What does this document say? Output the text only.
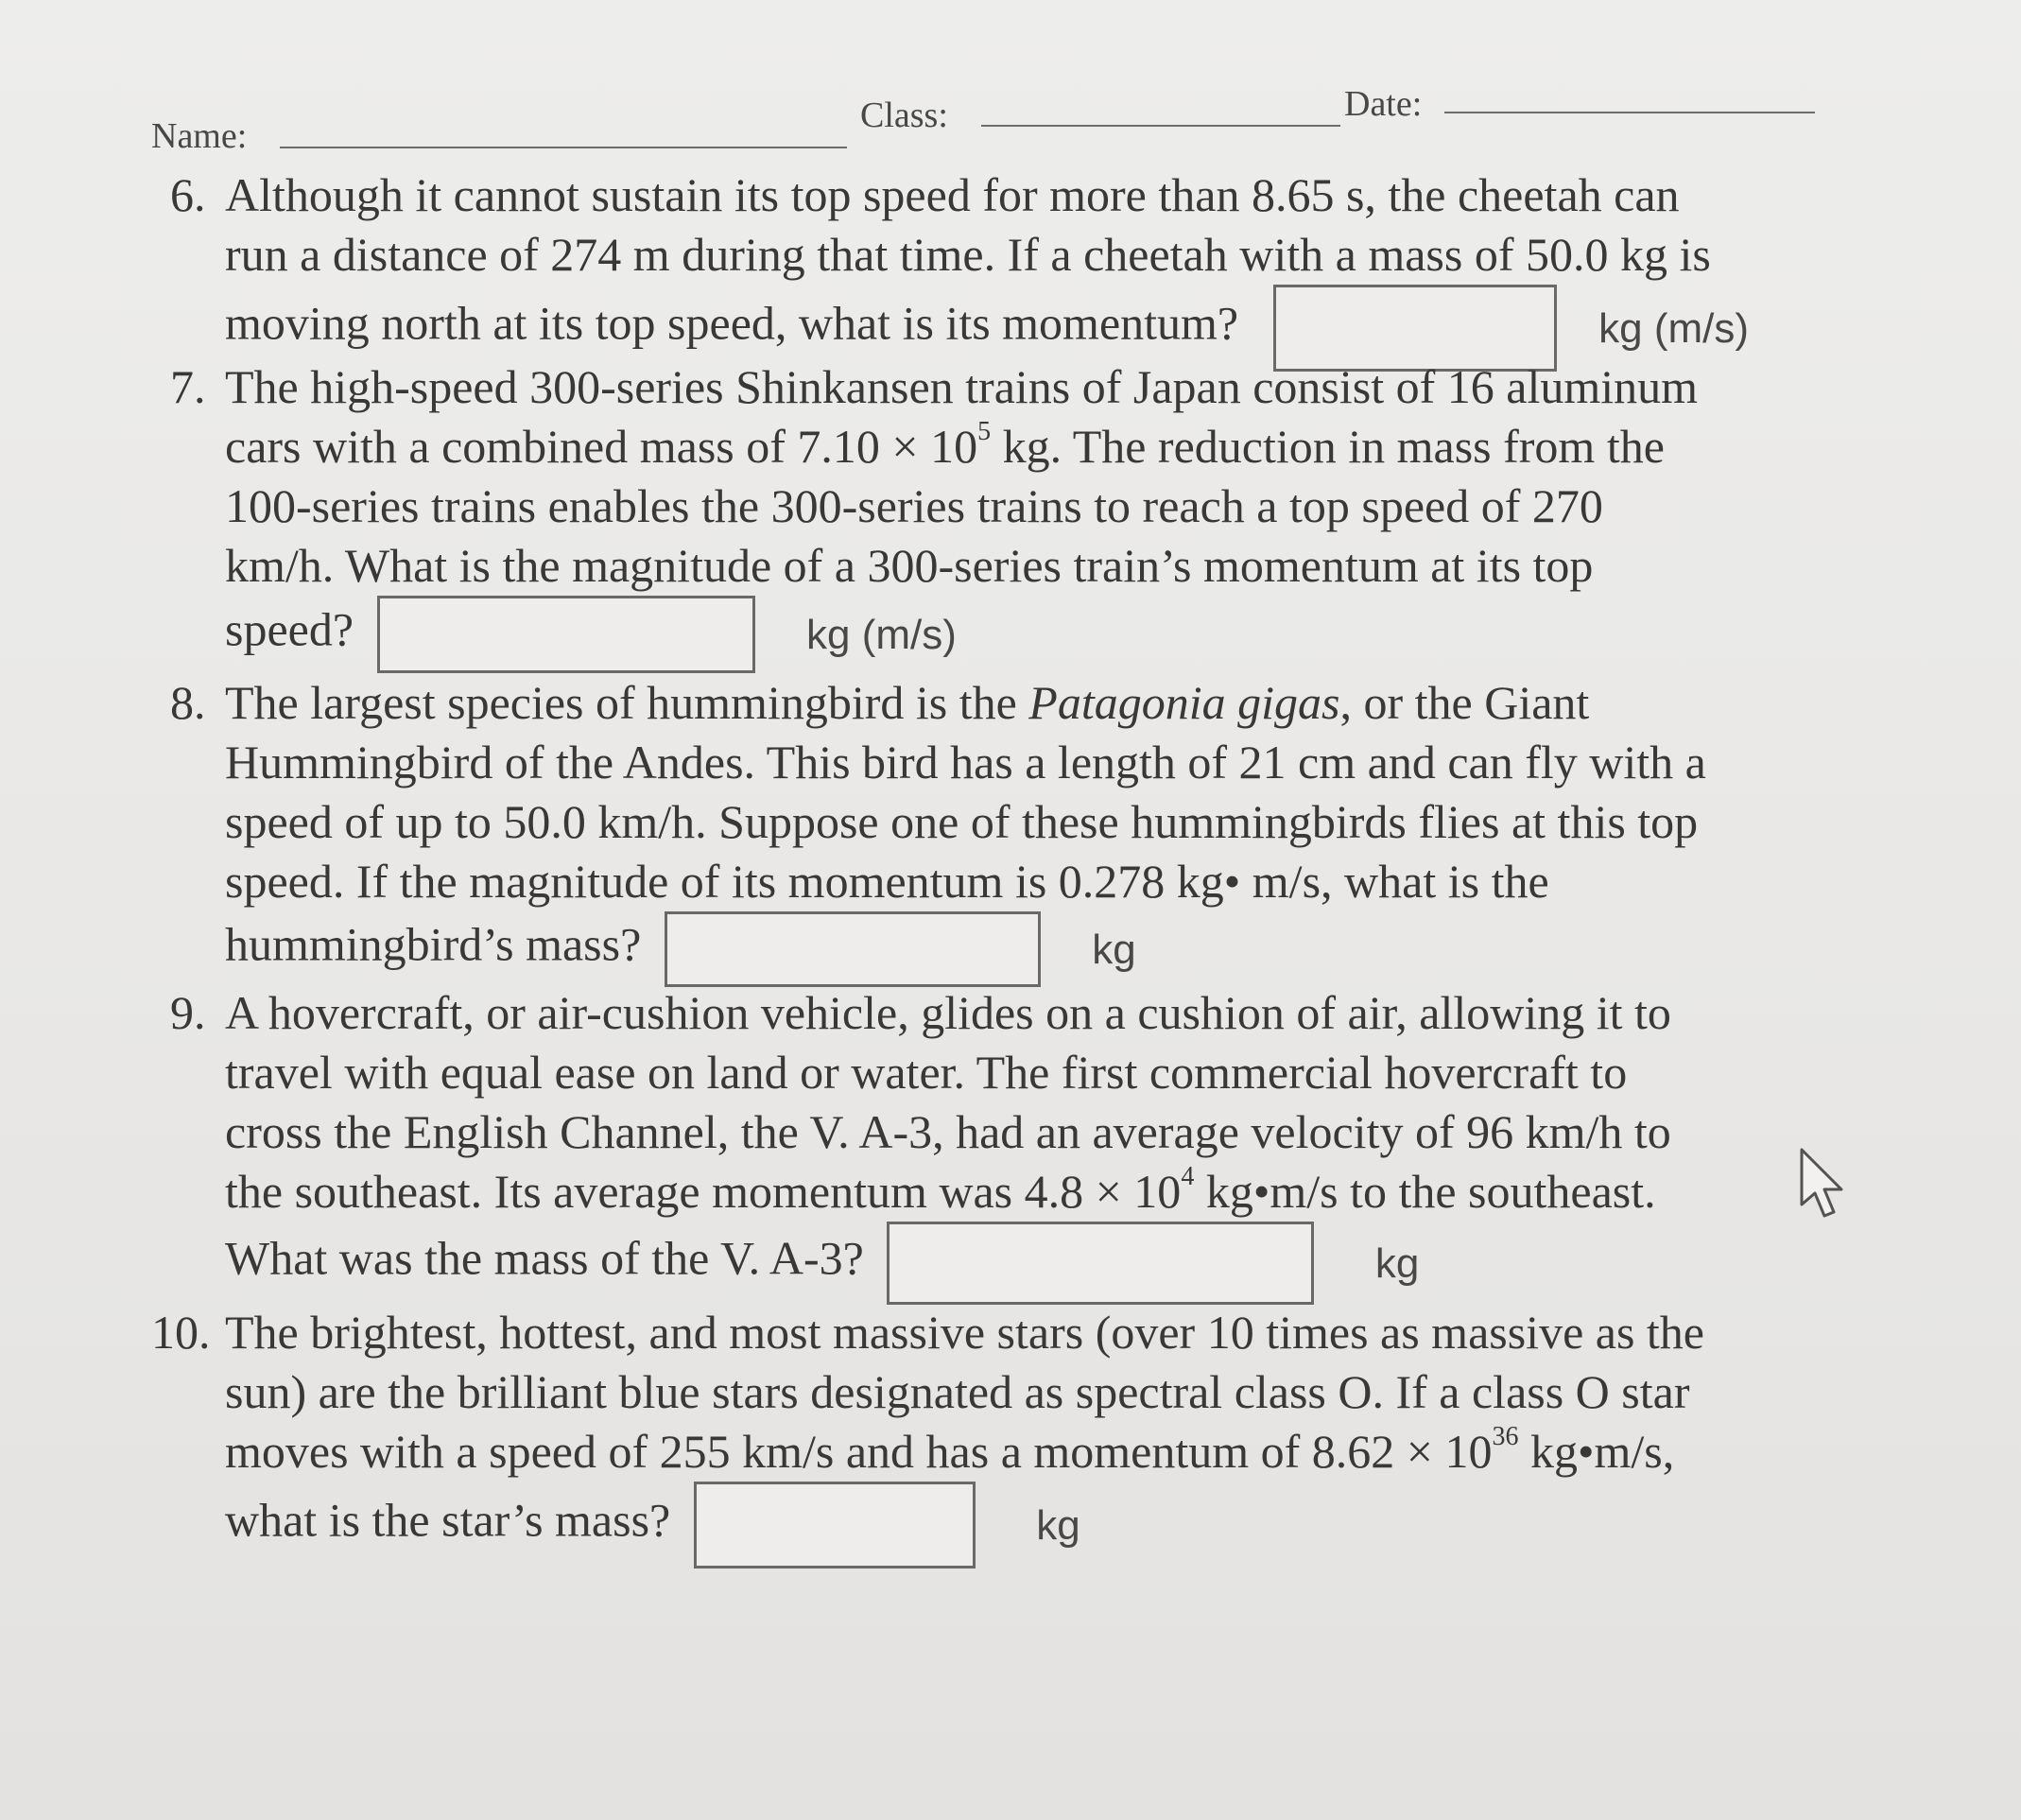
Name:
Class:	Date:
6. Although it cannot sustain its top speed for more than 8.65 s, the cheetah can
run a distance of 274 m during that time. If a cheetah with a mass of 50.0 kg is
moving north at its top speed, what is its momentum?	kg (m/s)
7. The high-speed 300-series Shinkansen trains of Japan consist of 16 aluminum
cars with a combined mass of $7.10 \times 10^5$ kg. The reduction in mass from the
100-series trains enables the 300-series trains to reach a top speed of 270
km/h. What is the magnitude of a 300-series train’s momentum at its top
speed?	kg (m/s)
8. The largest species of hummingbird is the Patagonia gigas, or the Giant
Hummingbird of the Andes. This bird has a length of 21 cm and can fly with a
speed of up to 50.0 km/h. Suppose one of these hummingbirds flies at this top
speed. If the magnitude of its momentum is 0.278 kg• m/s, what is the
hummingbird’s mass?	kg
9. A hovercraft, or air-cushion vehicle, glides on a cushion of air, allowing it to
travel with equal ease on land or water. The first commercial hovercraft to
cross the English Channel, the V. A-3, had an average velocity of 96 km/h to
the southeast. Its average momentum was $4.8 \times 10^4$ kg•m/s to the southeast.
What was the mass of the V. A-3?	kg
10. The brightest, hottest, and most massive stars (over 10 times as massive as the
sun) are the brilliant blue stars designated as spectral class O. If a class O star
moves with a speed of 255 km/s and has a momentum of $8.62 \times 10^{36}$ kg•m/s,
what is the star’s mass?	kg
